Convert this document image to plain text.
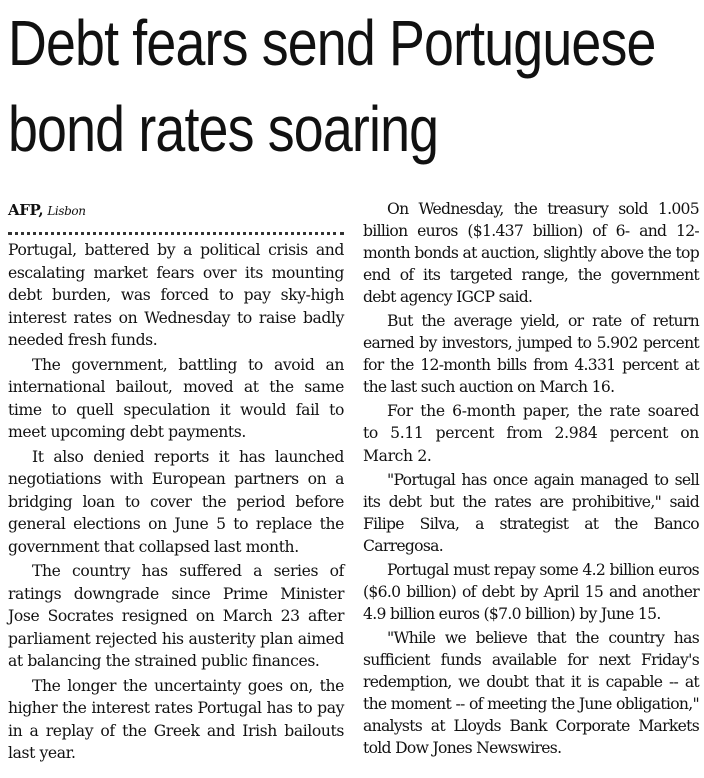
Debt fears send Portuguese bond rates soaring
AFP, Lisbon

Portugal, battered by a political crisis and escalating market fears over its mounting debt burden, was forced to pay sky-high interest rates on Wednesday to raise badly needed fresh funds.

The government, battling to avoid an international bailout, moved at the same time to quell speculation it would fail to meet upcoming debt payments.

It also denied reports it has launched negotiations with European partners on a bridging loan to cover the period before general elections on June 5 to replace the government that collapsed last month.

The country has suffered a series of ratings downgrade since Prime Minister Jose Socrates resigned on March 23 after parliament rejected his austerity plan aimed at balancing the strained public finances.

The longer the uncertainty goes on, the higher the interest rates Portugal has to pay in a replay of the Greek and Irish bailouts last year.

On Wednesday, the treasury sold 1.005 billion euros ($1.437 billion) of 6- and 12-month bonds at auction, slightly above the top end of its targeted range, the government debt agency IGCP said.

But the average yield, or rate of return earned by investors, jumped to 5.902 percent for the 12-month bills from 4.331 percent at the last such auction on March 16.

For the 6-month paper, the rate soared to 5.11 percent from 2.984 percent on March 2.

"Portugal has once again managed to sell its debt but the rates are prohibitive," said Filipe Silva, a strategist at the Banco Carregosa.

Portugal must repay some 4.2 billion euros ($6.0 billion) of debt by April 15 and another 4.9 billion euros ($7.0 billion) by June 15.

"While we believe that the country has sufficient funds available for next Friday's redemption, we doubt that it is capable -- at the moment -- of meeting the June obligation," analysts at Lloyds Bank Corporate Markets told Dow Jones Newswires.
